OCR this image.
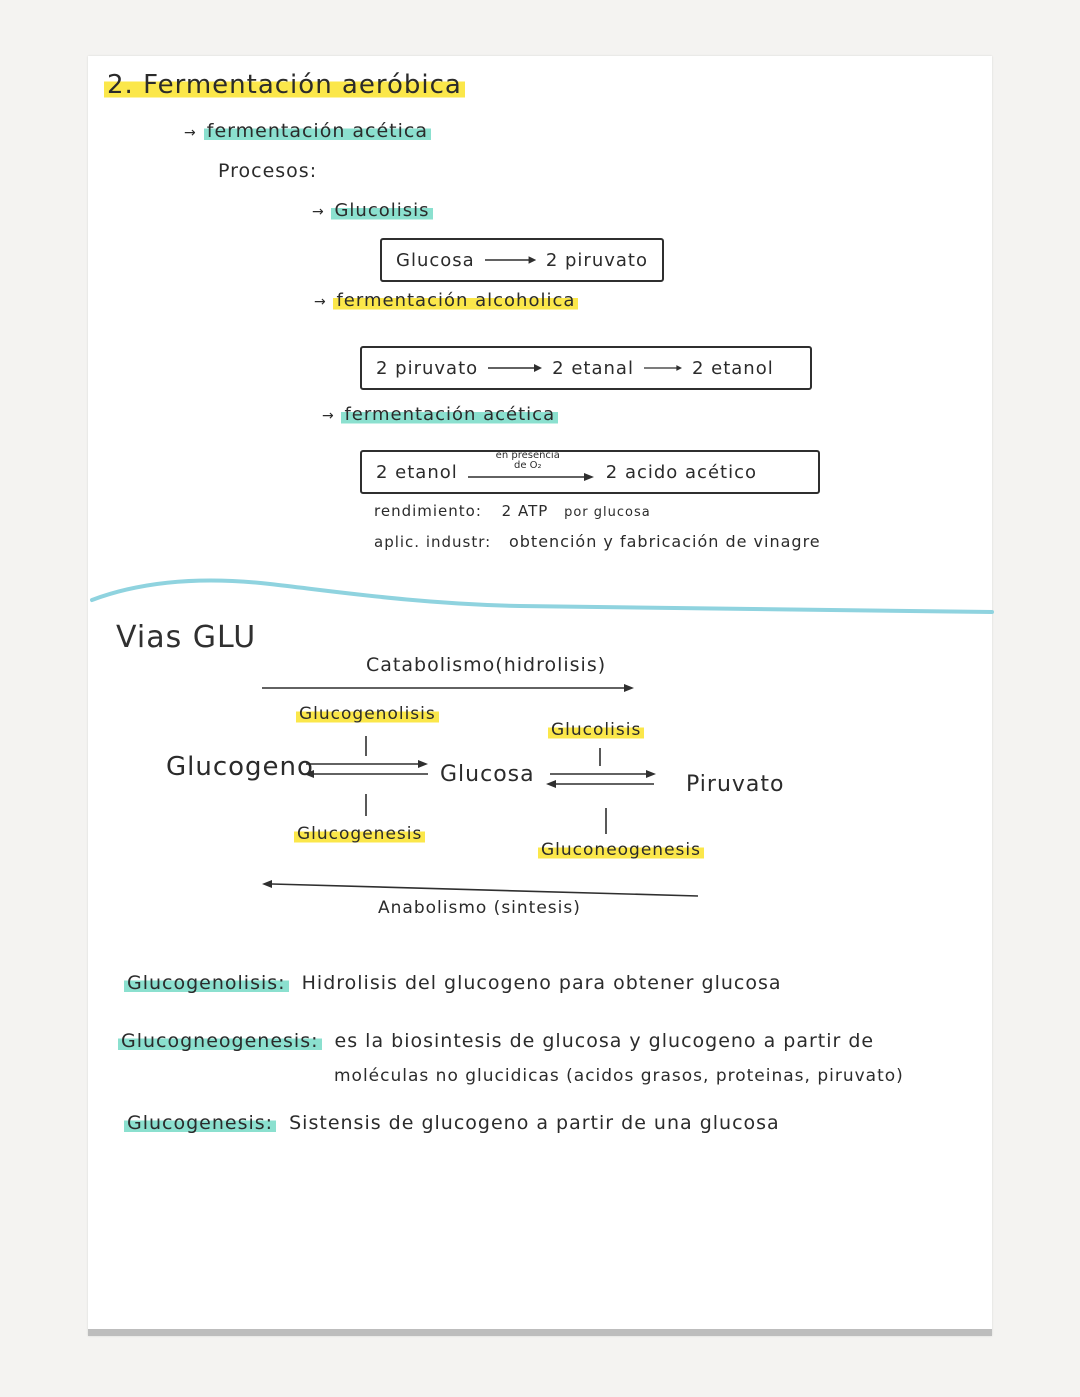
2. Fermentación aeróbica
→ fermentación acética
Procesos:
→ Glucolisis
Glucosa	2 piruvato
→ fermentación alcoholica
2 piruvato	2 etanal	2 etanol
→ fermentación acética
2 etanol
en presencia
de O₂	2 acido acético
rendimiento: 2 ATP por glucosa
aplic. industr: obtención y fabricación de vinagre
Vias GLU
Catabolismo(hidrolisis)
Glucogenolisis
Glucolisis
Glucogeno	Glucosa	Piruvato
Glucogenesis
Gluconeogenesis
Anabolismo (sintesis)
Glucogenolisis: Hidrolisis del glucogeno para obtener glucosa
Glucogneogenesis: es la biosintesis de glucosa y glucogeno a partir de
moléculas no glucidicas (acidos grasos, proteinas, piruvato)
Glucogenesis: Sistensis de glucogeno a partir de una glucosa
